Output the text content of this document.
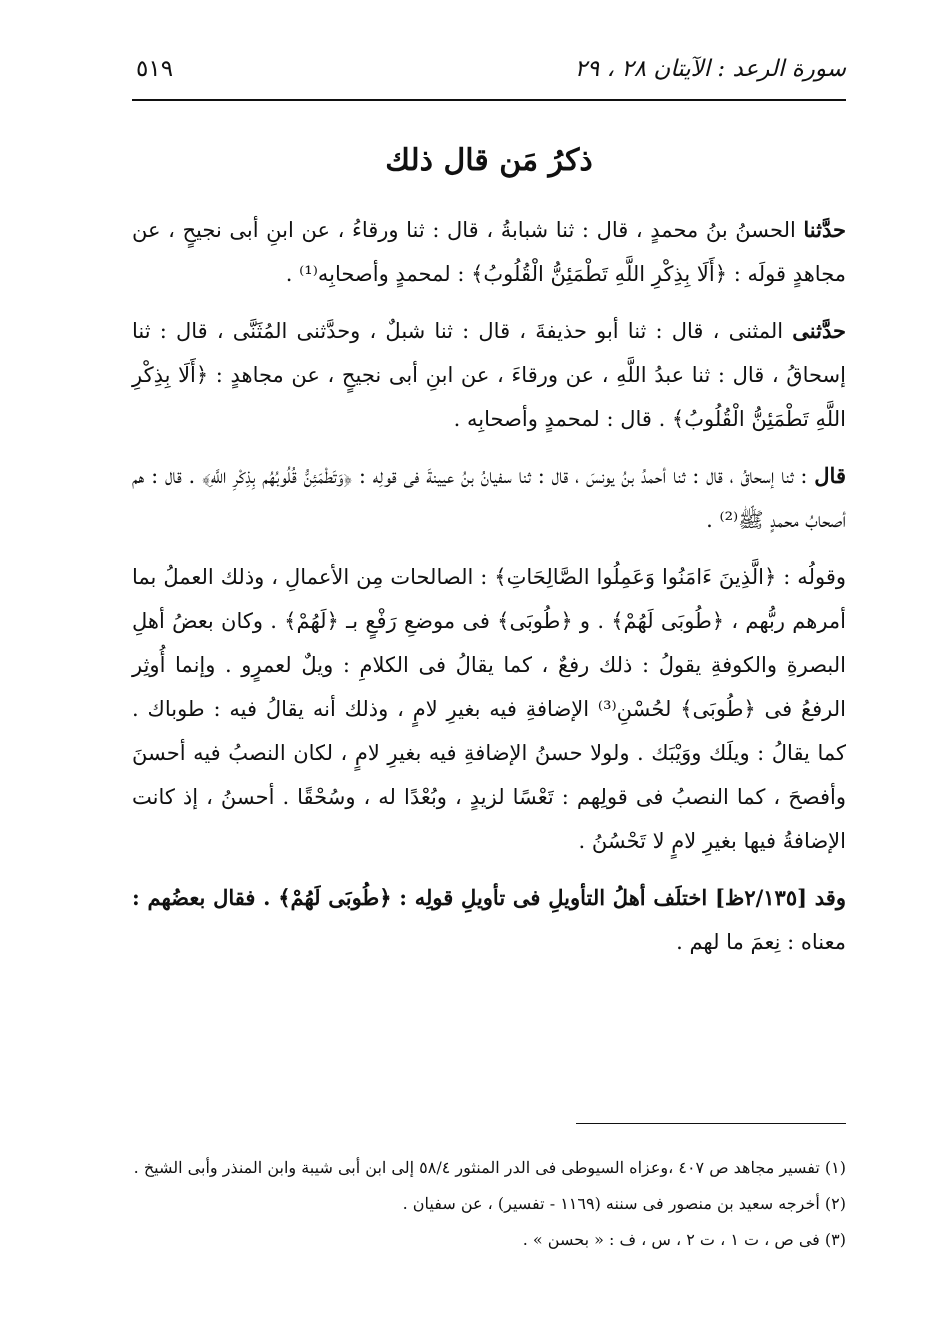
سورة الرعد : الآيتان ٢٨ ، ٢٩
٥١٩
ذكرُ مَن قال ذلك

حدَّثنا الحسنُ بنُ محمدٍ ، قال : ثنا شبابةُ ، قال : ثنا ورقاءُ ، عن ابنِ أبى نجيحٍ ، عن مجاهدٍ قولَه : ﴿أَلَا بِذِكْرِ اللَّهِ تَطْمَئِنُّ الْقُلُوبُ﴾ : لمحمدٍ وأصحابِه⁽¹⁾ .

حدَّثنى المثنى ، قال : ثنا أبو حذيفةَ ، قال : ثنا شبلٌ ، وحدَّثنى المُثَنَّى ، قال : ثنا إسحاقُ ، قال : ثنا عبدُ اللَّهِ ، عن ورقاءَ ، عن ابنِ أبى نجيحٍ ، عن مجاهدٍ : ﴿أَلَا بِذِكْرِ اللَّهِ تَطْمَئِنُّ الْقُلُوبُ﴾ . قال : لمحمدٍ وأصحابِه .

قال : ثنا إسحاقُ ، قال : ثنا أحمدُ بنُ يونسَ ، قال : ثنا سفيانُ بنُ عيينةَ فى قولِه : ﴿وَتَطْمَئِنُّ قُلُوبُهُم بِذِكْرِ اللَّهِ﴾ . قال : هم أصحابُ محمدٍ ﷺ⁽²⁾ .

وقولُه : ﴿الَّذِينَ ءَامَنُوا وَعَمِلُوا الصَّالِحَاتِ﴾ : الصالحات مِن الأعمالِ ، وذلك العملُ بما أمرهم ربُّهم ، ﴿طُوبَى لَهُمْ﴾ . و ﴿طُوبَى﴾ فى موضعِ رَفْعٍ بـ ﴿لَهُمْ﴾ . وكان بعضُ أهلِ البصرةِ والكوفةِ يقولُ : ذلك رفعٌ ، كما يقالُ فى الكلامِ : ويلٌ لعمرٍو . وإنما أُوثِر الرفعُ فى ﴿طُوبَى﴾ لحُسْنِ⁽³⁾ الإضافةِ فيه بغيرِ لامٍ ، وذلك أنه يقالُ فيه : طوباك . كما يقالُ : ويلَك ووَيْبَك . ولولا حسنُ الإضافةِ فيه بغيرِ لامٍ ، لكان النصبُ فيه أحسنَ وأفصحَ ، كما النصبُ فى قولِهم : تَعْسًا لزيدٍ ، وبُعْدًا له ، وسُحْقًا . أحسنُ ، إذ كانت الإضافةُ فيها بغيرِ لامٍ لا تَحْسُنُ .

وقد [٢/١٣٥ظ] اختلَف أهلُ التأويلِ فى تأويلِ قولِه : ﴿طُوبَى لَهُمْ﴾ . فقال بعضُهم : معناه : نِعمَ ما لهم .

(١) تفسير مجاهد ص ٤٠٧ ،وعزاه السيوطى فى الدر المنثور ٥٨/٤ إلى ابن أبى شيبة وابن المنذر وأبى الشيخ .
(٢) أخرجه سعيد بن منصور فى سننه (١١٦٩ - تفسير) ، عن سفيان .
(٣) فى ص ، ت ١ ، ت ٢ ، س ، ف : « بحسن » .
